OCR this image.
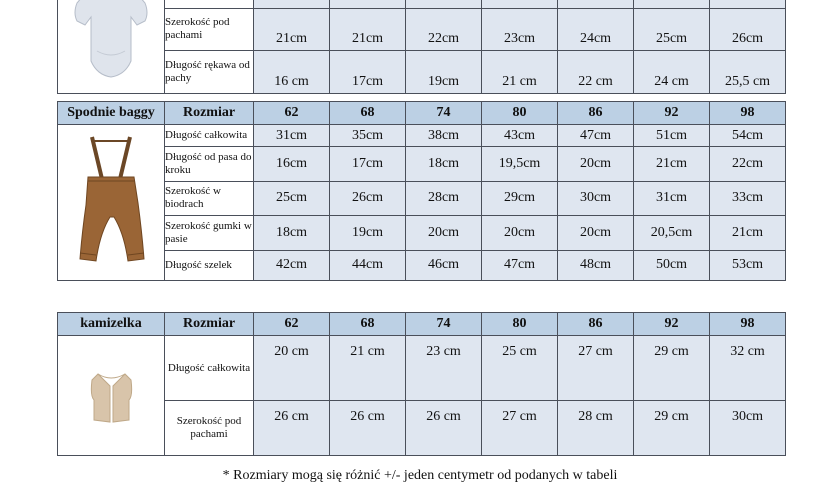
	Szerokość pod pachami	21cm	21cm	22cm	23cm	24cm	25cm	26cm
	Długość rękawa od pachy	16 cm	17cm	19cm	21 cm	22 cm	24 cm	25,5 cm
Spodnie baggy	Rozmiar	62	68	74	80	86	92	98
	Długość całkowita	31cm	35cm	38cm	43cm	47cm	51cm	54cm
	Długość od pasa do kroku	16cm	17cm	18cm	19,5cm	20cm	21cm	22cm
	Szerokość w biodrach	25cm	26cm	28cm	29cm	30cm	31cm	33cm
	Szerokość gumki w pasie	18cm	19cm	20cm	20cm	20cm	20,5cm	21cm
	Długość szelek	42cm	44cm	46cm	47cm	48cm	50cm	53cm
kamizelka	Rozmiar	62	68	74	80	86	92	98
	Długość całkowita	20 cm	21 cm	23 cm	25 cm	27 cm	29 cm	32 cm
	Szerokość pod pachami	26 cm	26 cm	26 cm	27 cm	28 cm	29 cm	30cm
* Rozmiary mogą się różnić +/- jeden centymetr od podanych w tabeli
